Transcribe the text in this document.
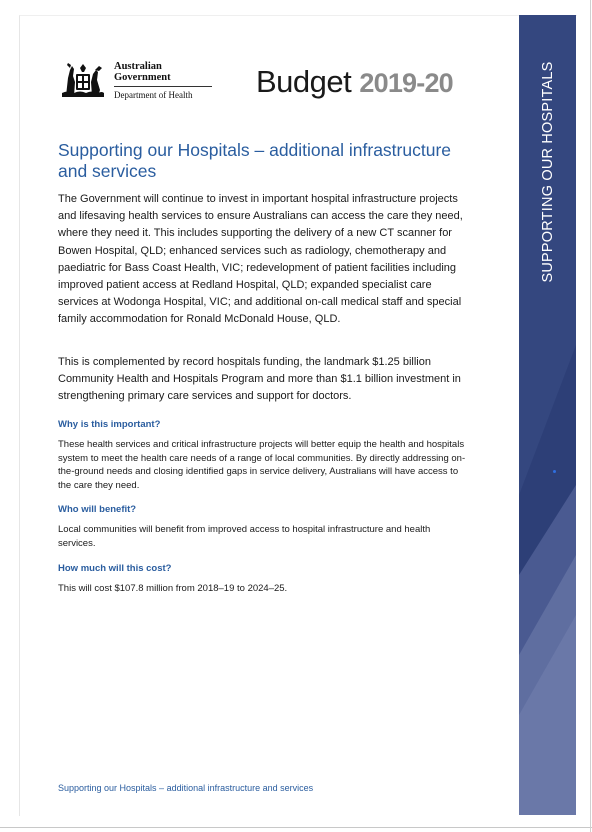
SUPPORTING OUR HOSPITALS
Australian Government
Department of Health	Budget 2019-20
Supporting our Hospitals – additional infrastructure and services
The Government will continue to invest in important hospital infrastructure projects and lifesaving health services to ensure Australians can access the care they need, where they need it. This includes supporting the delivery of a new CT scanner for Bowen Hospital, QLD; enhanced services such as radiology, chemotherapy and paediatric for Bass Coast Health, VIC; redevelopment of patient facilities including improved patient access at Redland Hospital, QLD; expanded specialist care services at Wodonga Hospital, VIC; and additional on-call medical staff and special family accommodation for Ronald McDonald House, QLD.
This is complemented by record hospitals funding, the landmark $1.25 billion Community Health and Hospitals Program and more than $1.1 billion investment in strengthening primary care services and support for doctors.
Why is this important?
These health services and critical infrastructure projects will better equip the health and hospitals system to meet the health care needs of a range of local communities. By directly addressing on-the-ground needs and closing identified gaps in service delivery, Australians will have access to the care they need.
Who will benefit?
Local communities will benefit from improved access to hospital infrastructure and health services.
How much will this cost?
This will cost $107.8 million from 2018–19 to 2024–25.
Supporting our Hospitals – additional infrastructure and services
